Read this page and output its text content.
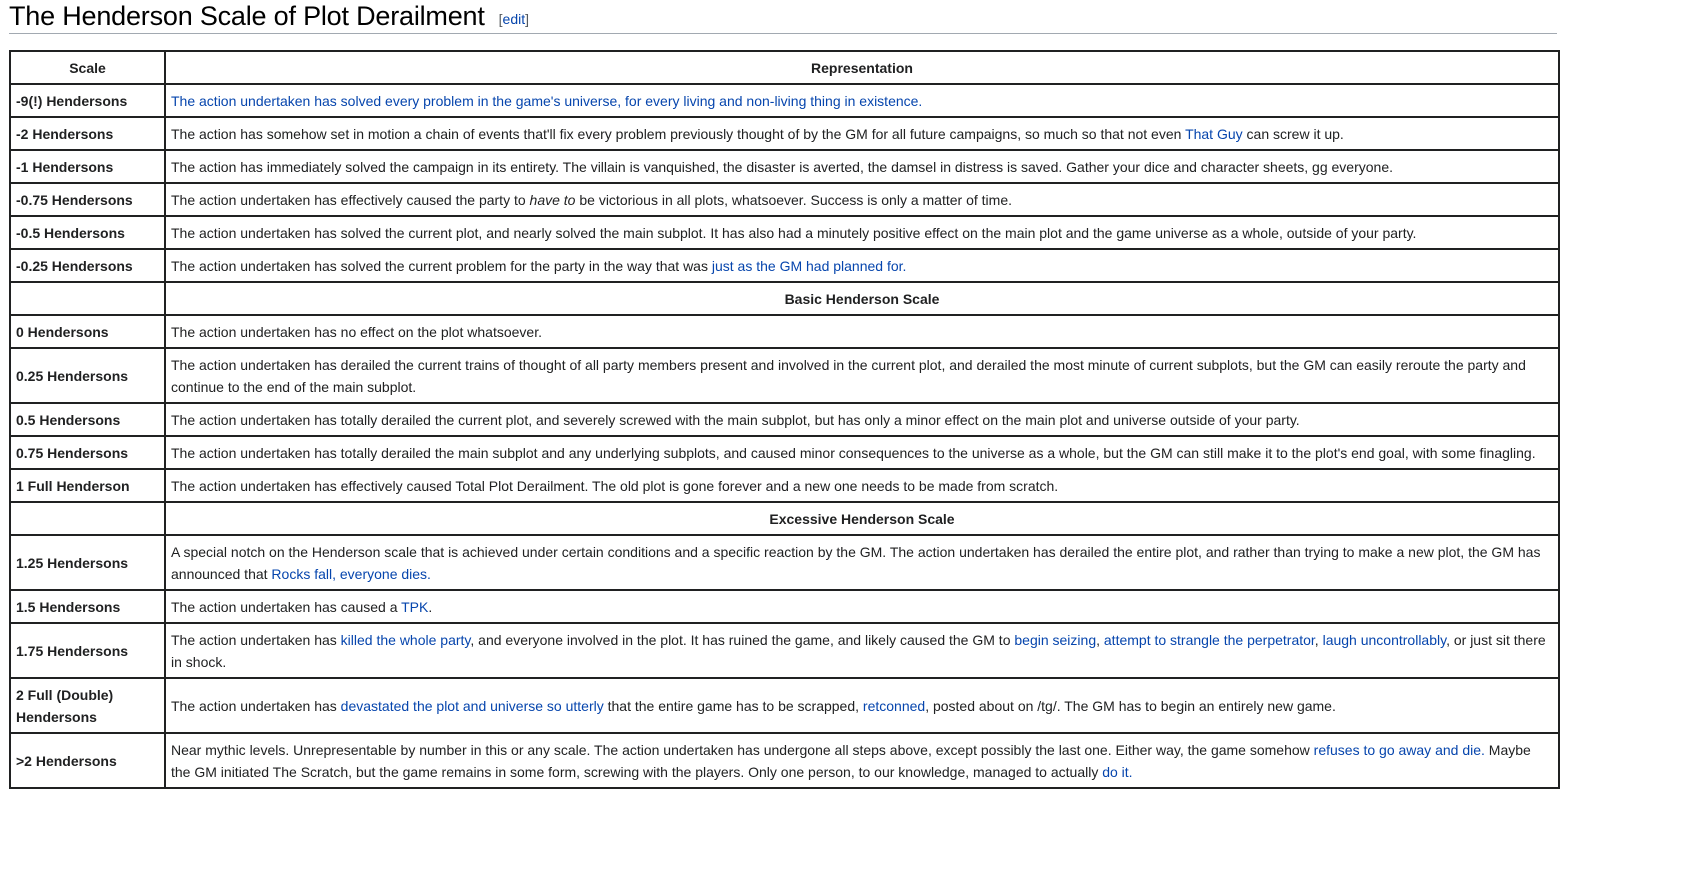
The Henderson Scale of Plot Derailment [edit]
Scale	Representation
-9(!) Hendersons	The action undertaken has solved every problem in the game's universe, for every living and non-living thing in existence.
-2 Hendersons	The action has somehow set in motion a chain of events that'll fix every problem previously thought of by the GM for all future campaigns, so much so that not even That Guy can screw it up.
-1 Hendersons	The action has immediately solved the campaign in its entirety. The villain is vanquished, the disaster is averted, the damsel in distress is saved. Gather your dice and character sheets, gg everyone.
-0.75 Hendersons	The action undertaken has effectively caused the party to have to be victorious in all plots, whatsoever. Success is only a matter of time.
-0.5 Hendersons	The action undertaken has solved the current plot, and nearly solved the main subplot. It has also had a minutely positive effect on the main plot and the game universe as a whole, outside of your party.
-0.25 Hendersons	The action undertaken has solved the current problem for the party in the way that was just as the GM had planned for.
	Basic Henderson Scale
0 Hendersons	The action undertaken has no effect on the plot whatsoever.
0.25 Hendersons	The action undertaken has derailed the current trains of thought of all party members present and involved in the current plot, and derailed the most minute of current subplots, but the GM can easily reroute the party and continue to the end of the main subplot.
0.5 Hendersons	The action undertaken has totally derailed the current plot, and severely screwed with the main subplot, but has only a minor effect on the main plot and universe outside of your party.
0.75 Hendersons	The action undertaken has totally derailed the main subplot and any underlying subplots, and caused minor consequences to the universe as a whole, but the GM can still make it to the plot's end goal, with some finagling.
1 Full Henderson	The action undertaken has effectively caused Total Plot Derailment. The old plot is gone forever and a new one needs to be made from scratch.
	Excessive Henderson Scale
1.25 Hendersons	A special notch on the Henderson scale that is achieved under certain conditions and a specific reaction by the GM. The action undertaken has derailed the entire plot, and rather than trying to make a new plot, the GM has announced that Rocks fall, everyone dies.
1.5 Hendersons	The action undertaken has caused a TPK.
1.75 Hendersons	The action undertaken has killed the whole party, and everyone involved in the plot. It has ruined the game, and likely caused the GM to begin seizing, attempt to strangle the perpetrator, laugh uncontrollably, or just sit there in shock.
2 Full (Double) Hendersons	The action undertaken has devastated the plot and universe so utterly that the entire game has to be scrapped, retconned, posted about on /tg/. The GM has to begin an entirely new game.
>2 Hendersons	Near mythic levels. Unrepresentable by number in this or any scale. The action undertaken has undergone all steps above, except possibly the last one. Either way, the game somehow refuses to go away and die. Maybe the GM initiated The Scratch, but the game remains in some form, screwing with the players. Only one person, to our knowledge, managed to actually do it.
